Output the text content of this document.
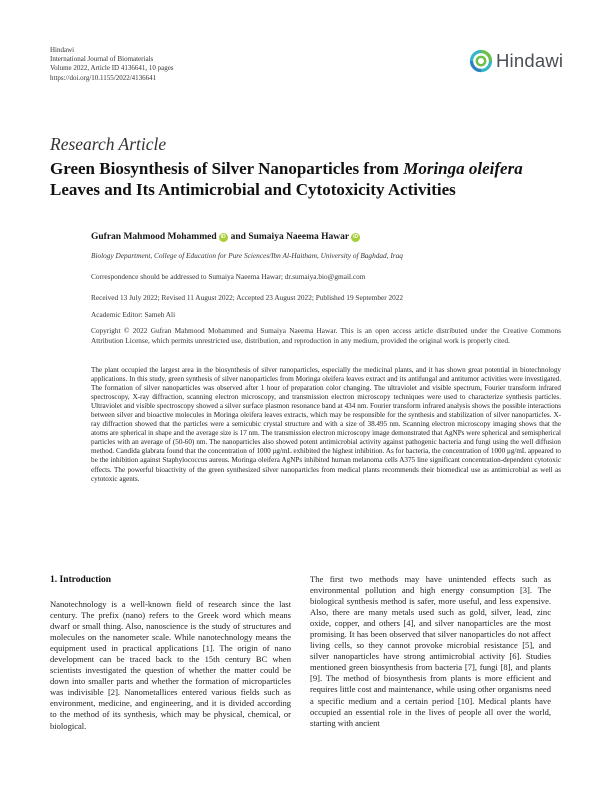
Hindawi
International Journal of Biomaterials
Volume 2022, Article ID 4136641, 10 pages
https://doi.org/10.1155/2022/4136641
Hindawi
Research Article
Green Biosynthesis of Silver Nanoparticles from Moringa oleifera Leaves and Its Antimicrobial and Cytotoxicity Activities
Gufran Mahmood Mohammed iD and
Sumaiya Naeema Hawar iD
Biology Department, College of Education for Pure Sciences/Ibn Al-Haitham, University of Baghdad, Iraq
Correspondence should be addressed to Sumaiya Naeema Hawar; dr.sumaiya.bio@gmail.com
Received 13 July 2022; Revised 11 August 2022; Accepted 23 August 2022; Published 19 September 2022
Academic Editor: Sameh Ali
Copyright © 2022 Gufran Mahmood Mohammed and Sumaiya Naeema Hawar. This is an open access article distributed under the Creative Commons Attribution License, which permits unrestricted use, distribution, and reproduction in any medium, provided the original work is properly cited.
The plant occupied the largest area in the biosynthesis of silver nanoparticles, especially the medicinal plants, and it has shown great potential in biotechnology applications. In this study, green synthesis of silver nanoparticles from Moringa oleifera leaves extract and its antifungal and antitumor activities were investigated. The formation of silver nanoparticles was observed after 1 hour of preparation color changing. The ultraviolet and visible spectrum, Fourier transform infrared spectroscopy, X-ray diffraction, scanning electron microscopy, and transmission electron microscopy techniques were used to characterize synthesis particles. Ultraviolet and visible spectroscopy showed a silver surface plasmon resonance band at 434 nm. Fourier transform infrared analysis shows the possible interactions between silver and bioactive molecules in Moringa oleifera leaves extracts, which may be responsible for the synthesis and stabilization of silver nanoparticles. X-ray diffraction showed that the particles were a semicubic crystal structure and with a size of 38.495 nm. Scanning electron microscopy imaging shows that the atoms are spherical in shape and the average size is 17 nm. The transmission electron microscopy image demonstrated that AgNPs were spherical and semispherical particles with an average of (50-60) nm. The nanoparticles also showed potent antimicrobial activity against pathogenic bacteria and fungi using the well diffusion method. Candida glabrata found that the concentration of 1000 μg/mL exhibited the highest inhibition. As for bacteria, the concentration of 1000 μg/mL appeared to be the inhibition against Staphylococcus aureus. Moringa oleifera AgNPs inhibited human melanoma cells A375 line significant concentration-dependent cytotoxic effects. The powerful bioactivity of the green synthesized silver nanoparticles from medical plants recommends their biomedical use as antimicrobial as well as cytotoxic agents.
1. Introduction
Nanotechnology is a well-known field of research since the last century. The prefix (nano) refers to the Greek word which means dwarf or small thing. Also, nanoscience is the study of structures and molecules on the nanometer scale. While nanotechnology means the equipment used in practical applications [1]. The origin of nano development can be traced back to the 15th century BC when scientists investigated the question of whether the matter could be down into smaller parts and whether the formation of microparticles was indivisible [2]. Nanometallices entered various fields such as environment, medicine, and engineering, and it is divided according to the method of its synthesis, which may be physical, chemical, or biological.
The first two methods may have unintended effects such as environmental pollution and high energy consumption [3]. The biological synthesis method is safer, more useful, and less expensive. Also, there are many metals used such as gold, silver, lead, zinc oxide, copper, and others [4], and silver nanoparticles are the most promising. It has been observed that silver nanoparticles do not affect living cells, so they cannot provoke microbial resistance [5], and silver nanoparticles have strong antimicrobial activity [6]. Studies mentioned green biosynthesis from bacteria [7], fungi [8], and plants [9]. The method of biosynthesis from plants is more efficient and requires little cost and maintenance, while using other organisms need a specific medium and a certain period [10]. Medical plants have occupied an essential role in the lives of people all over the world, starting with ancient
